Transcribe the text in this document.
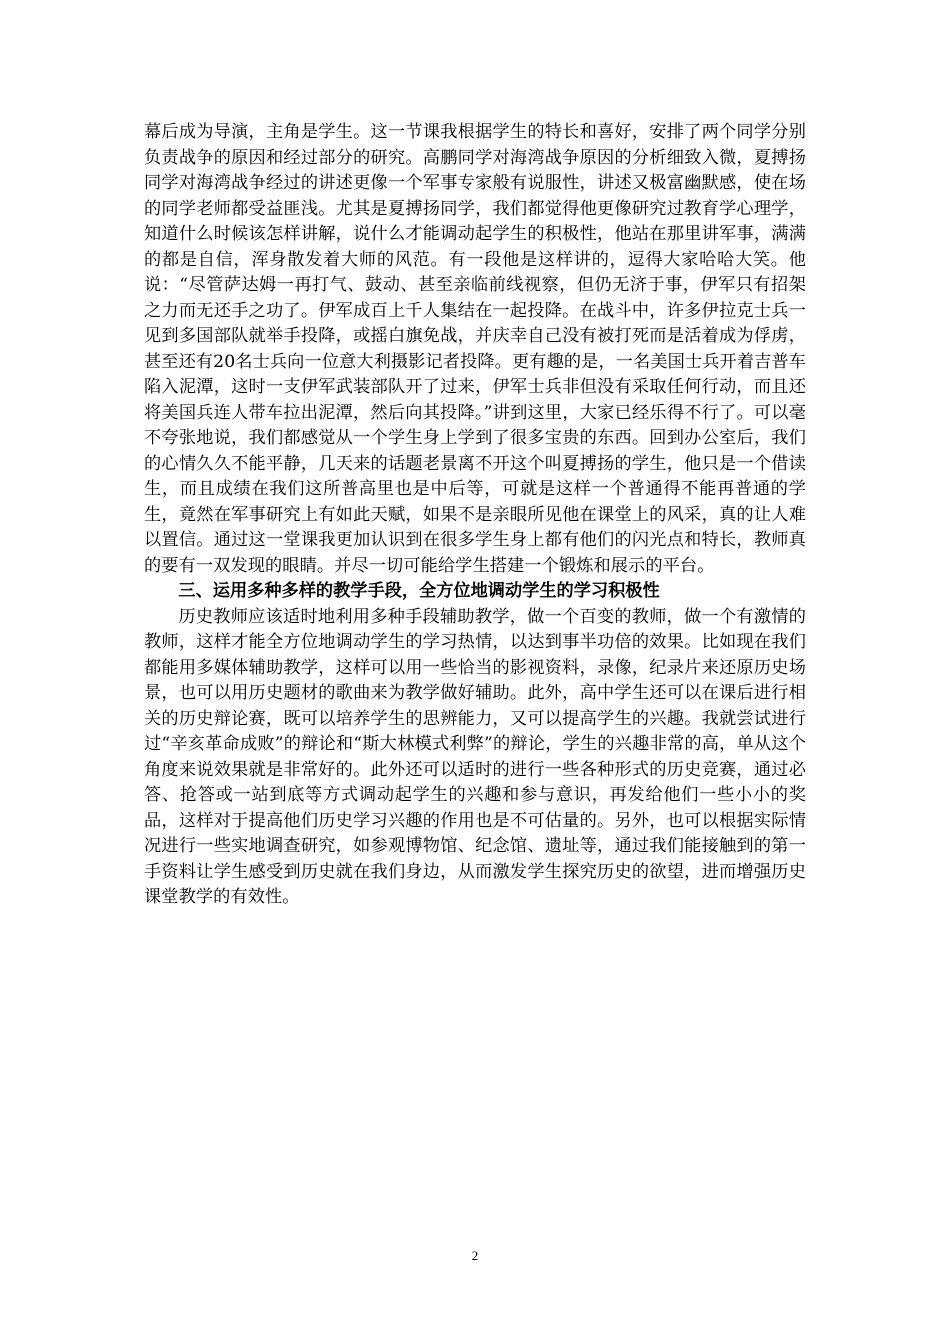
幕后成为导演，主角是学生。这一节课我根据学生的特长和喜好，安排了两个同学分别负责战争的原因和经过部分的研究。高鹏同学对海湾战争原因的分析细致入微，夏搏扬同学对海湾战争经过的讲述更像一个军事专家般有说服性，讲述又极富幽默感，使在场的同学老师都受益匪浅。尤其是夏搏扬同学，我们都觉得他更像研究过教育学心理学，知道什么时候该怎样讲解，说什么才能调动起学生的积极性，他站在那里讲军事，满满的都是自信，浑身散发着大师的风范。有一段他是这样讲的，逗得大家哈哈大笑。他说：“尽管萨达姆一再打气、鼓动、甚至亲临前线视察，但仍无济于事，伊军只有招架之力而无还手之功了。伊军成百上千人集结在一起投降。在战斗中，许多伊拉克士兵一见到多国部队就举手投降，或摇白旗免战，并庆幸自己没有被打死而是活着成为俘虏，甚至还有20名士兵向一位意大利摄影记者投降。更有趣的是，一名美国士兵开着吉普车陷入泥潭，这时一支伊军武装部队开了过来，伊军士兵非但没有采取任何行动，而且还将美国兵连人带车拉出泥潭，然后向其投降。”讲到这里，大家已经乐得不行了。可以毫不夸张地说，我们都感觉从一个学生身上学到了很多宝贵的东西。回到办公室后，我们的心情久久不能平静，几天来的话题老景离不开这个叫夏搏扬的学生，他只是一个借读生，而且成绩在我们这所普高里也是中后等，可就是这样一个普通得不能再普通的学生，竟然在军事研究上有如此天赋，如果不是亲眼所见他在课堂上的风采，真的让人难以置信。通过这一堂课我更加认识到在很多学生身上都有他们的闪光点和特长，教师真的要有一双发现的眼睛。并尽一切可能给学生搭建一个锻炼和展示的平台。

三、运用多种多样的教学手段，全方位地调动学生的学习积极性

历史教师应该适时地利用多种手段辅助教学，做一个百变的教师，做一个有激情的教师，这样才能全方位地调动学生的学习热情，以达到事半功倍的效果。比如现在我们都能用多媒体辅助教学，这样可以用一些恰当的影视资料，录像，纪录片来还原历史场景，也可以用历史题材的歌曲来为教学做好辅助。此外，高中学生还可以在课后进行相关的历史辩论赛，既可以培养学生的思辨能力，又可以提高学生的兴趣。我就尝试进行过“辛亥革命成败”的辩论和“斯大林模式利弊”的辩论，学生的兴趣非常的高，单从这个角度来说效果就是非常好的。此外还可以适时的进行一些各种形式的历史竞赛，通过必答、抢答或一站到底等方式调动起学生的兴趣和参与意识，再发给他们一些小小的奖品，这样对于提高他们历史学习兴趣的作用也是不可估量的。另外，也可以根据实际情况进行一些实地调查研究，如参观博物馆、纪念馆、遗址等，通过我们能接触到的第一手资料让学生感受到历史就在我们身边，从而激发学生探究历史的欲望，进而增强历史课堂教学的有效性。

2
